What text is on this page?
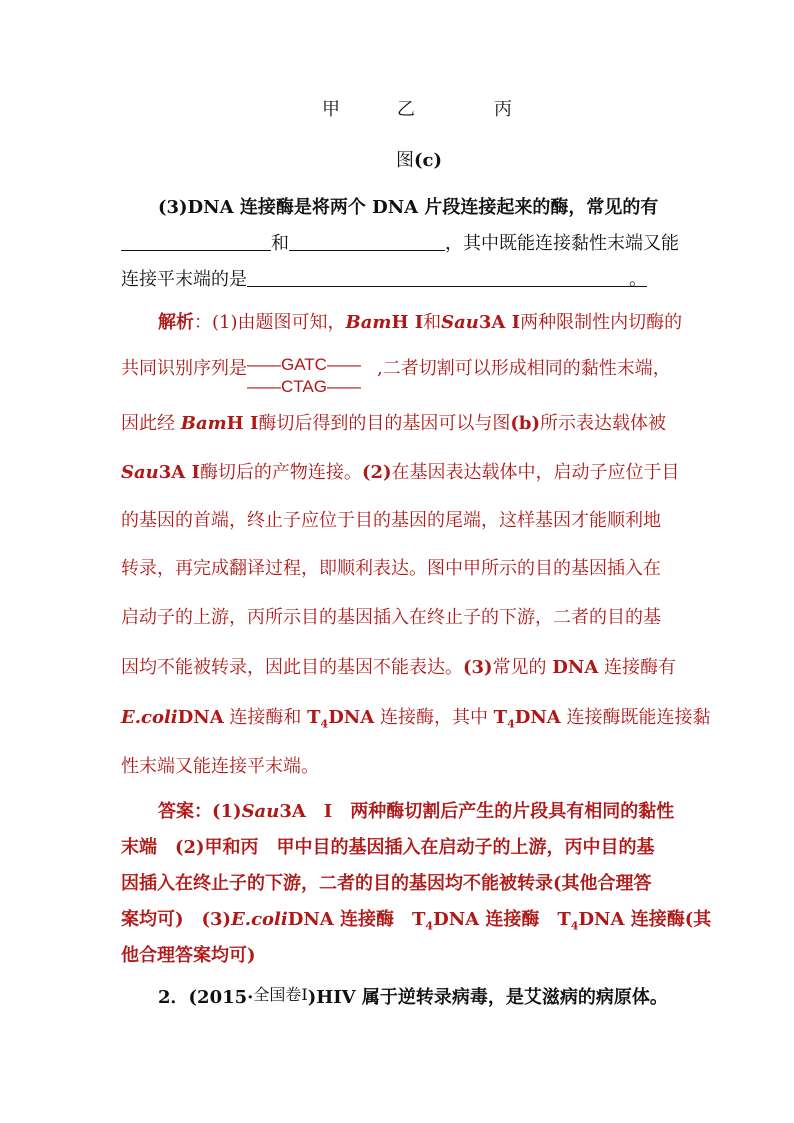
甲	乙	丙
图(c)
(3)DNA 连接酶是将两个 DNA 片段连接起来的酶，常见的有
和	，其中既能连接黏性末端又能
连接平末端的是	。
解析：(1)由题图可知，BamH Ⅰ和Sau3A Ⅰ两种限制性内切酶的
共同识别序列是 ——GATC——
——CTAG——
,二者切割可以形成相同的黏性末端，
因此经 BamH Ⅰ酶切后得到的目的基因可以与图(b)所示表达载体被
Sau3A Ⅰ酶切后的产物连接。(2)在基因表达载体中，启动子应位于目
的基因的首端，终止子应位于目的基因的尾端，这样基因才能顺利地
转录，再完成翻译过程，即顺利表达。图中甲所示的目的基因插入在
启动子的上游，丙所示目的基因插入在终止子的下游，二者的目的基
因均不能被转录，因此目的基因不能表达。(3)常见的 DNA 连接酶有
E.coliDNA 连接酶和 $T_4DNA$ 连接酶，其中 $T_4DNA$ 连接酶既能连接黏
性末端又能连接平末端。
答案：(1)Sau3A　Ⅰ　两种酶切割后产生的片段具有相同的黏性
末端　(2)甲和丙　甲中目的基因插入在启动子的上游，丙中目的基
因插入在终止子的下游，二者的目的基因均不能被转录(其他合理答
案均可)　(3)E.coliDNA 连接酶　$T_4DNA$ 连接酶　$T_4DNA$ 连接酶(其
他合理答案均可)
2．(2015·全国卷Ⅰ)HIV 属于逆转录病毒，是艾滋病的病原体。
